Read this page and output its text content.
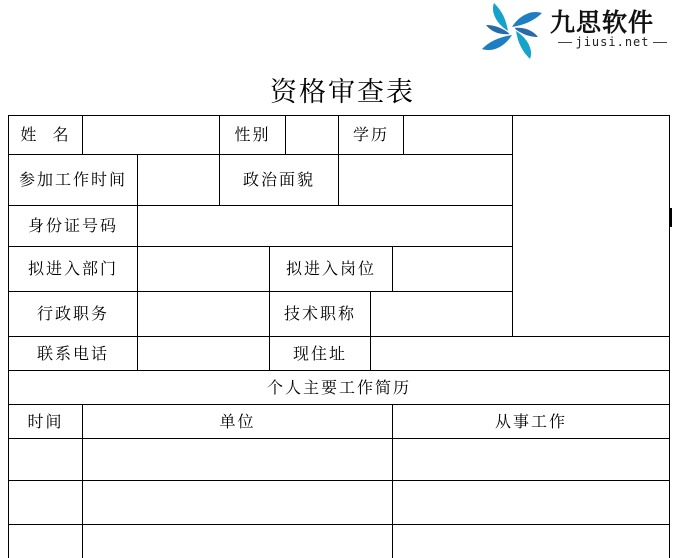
九思软件
jiusi.net
资格审查表
姓  名	性别	学历
参加工作时间	政治面貌
身份证号码
拟进入部门	拟进入岗位
行政职务	技术职称
联系电话	现住址
个人主要工作简历
时间	单位	从事工作
